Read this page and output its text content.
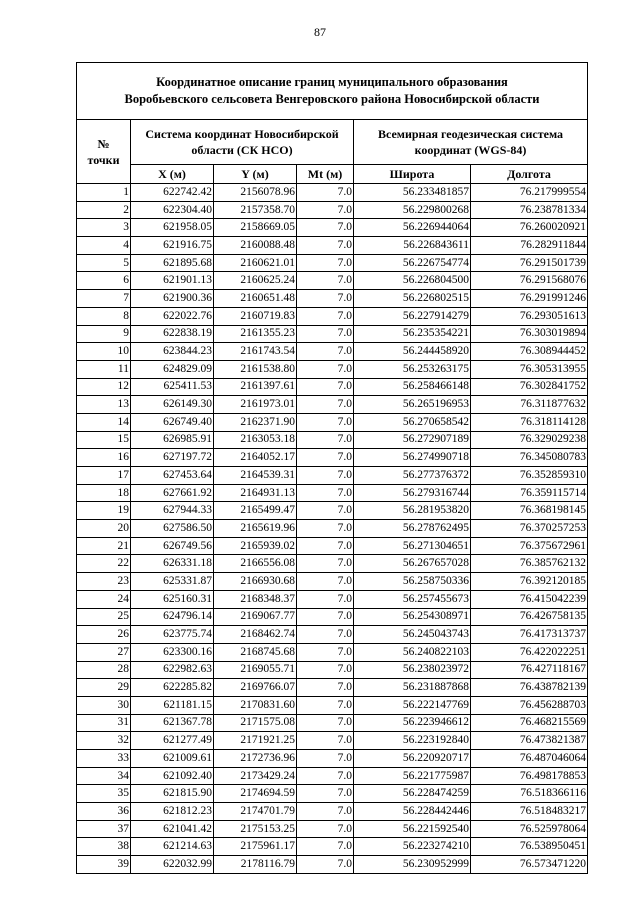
87
Координатное описание границ муниципального образования
Воробьевского сельсовета Венгеровского района Новосибирской области					

№
точки	Система координат Новосибирской области (СК НСО)			Всемирная геодезическая система координат (WGS-84)	
	X (м)	Y (м)	Mt (м)	Широта	Долгота
1	622742.42	2156078.96	7.0	56.233481857	76.217999554
2	622304.40	2157358.70	7.0	56.229800268	76.238781334
3	621958.05	2158669.05	7.0	56.226944064	76.260020921
4	621916.75	2160088.48	7.0	56.226843611	76.282911844
5	621895.68	2160621.01	7.0	56.226754774	76.291501739
6	621901.13	2160625.24	7.0	56.226804500	76.291568076
7	621900.36	2160651.48	7.0	56.226802515	76.291991246
8	622022.76	2160719.83	7.0	56.227914279	76.293051613
9	622838.19	2161355.23	7.0	56.235354221	76.303019894
10	623844.23	2161743.54	7.0	56.244458920	76.308944452
11	624829.09	2161538.80	7.0	56.253263175	76.305313955
12	625411.53	2161397.61	7.0	56.258466148	76.302841752
13	626149.30	2161973.01	7.0	56.265196953	76.311877632
14	626749.40	2162371.90	7.0	56.270658542	76.318114128
15	626985.91	2163053.18	7.0	56.272907189	76.329029238
16	627197.72	2164052.17	7.0	56.274990718	76.345080783
17	627453.64	2164539.31	7.0	56.277376372	76.352859310
18	627661.92	2164931.13	7.0	56.279316744	76.359115714
19	627944.33	2165499.47	7.0	56.281953820	76.368198145
20	627586.50	2165619.96	7.0	56.278762495	76.370257253
21	626749.56	2165939.02	7.0	56.271304651	76.375672961
22	626331.18	2166556.08	7.0	56.267657028	76.385762132
23	625331.87	2166930.68	7.0	56.258750336	76.392120185
24	625160.31	2168348.37	7.0	56.257455673	76.415042239
25	624796.14	2169067.77	7.0	56.254308971	76.426758135
26	623775.74	2168462.74	7.0	56.245043743	76.417313737
27	623300.16	2168745.68	7.0	56.240822103	76.422022251
28	622982.63	2169055.71	7.0	56.238023972	76.427118167
29	622285.82	2169766.07	7.0	56.231887868	76.438782139
30	621181.15	2170831.60	7.0	56.222147769	76.456288703
31	621367.78	2171575.08	7.0	56.223946612	76.468215569
32	621277.49	2171921.25	7.0	56.223192840	76.473821387
33	621009.61	2172736.96	7.0	56.220920717	76.487046064
34	621092.40	2173429.24	7.0	56.221775987	76.498178853
35	621815.90	2174694.59	7.0	56.228474259	76.518366116
36	621812.23	2174701.79	7.0	56.228442446	76.518483217
37	621041.42	2175153.25	7.0	56.221592540	76.525978064
38	621214.63	2175961.17	7.0	56.223274210	76.538950451
39	622032.99	2178116.79	7.0	56.230952999	76.573471220
